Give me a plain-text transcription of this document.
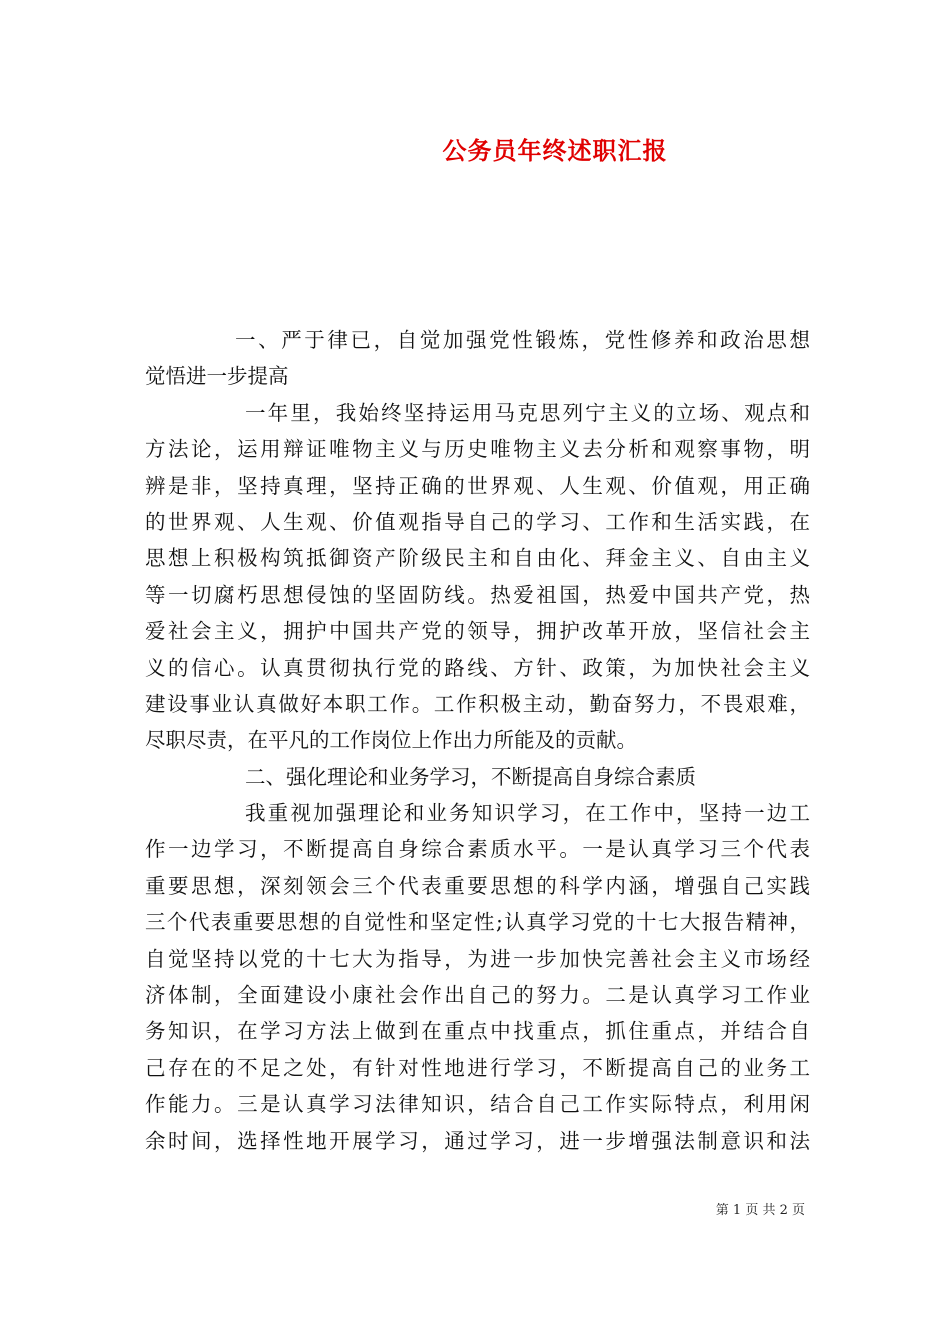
公务员年终述职汇报
一、严于律已，自觉加强党性锻炼，党性修养和政治思想
觉悟进一步提高
一年里，我始终坚持运用马克思列宁主义的立场、观点和
方法论，运用辩证唯物主义与历史唯物主义去分析和观察事物，明
辨是非，坚持真理，坚持正确的世界观、人生观、价值观，用正确
的世界观、人生观、价值观指导自己的学习、工作和生活实践，在
思想上积极构筑抵御资产阶级民主和自由化、拜金主义、自由主义
等一切腐朽思想侵蚀的坚固防线。热爱祖国，热爱中国共产党，热
爱社会主义，拥护中国共产党的领导，拥护改革开放，坚信社会主
义的信心。认真贯彻执行党的路线、方针、政策，为加快社会主义
建设事业认真做好本职工作。工作积极主动，勤奋努力，不畏艰难，
尽职尽责，在平凡的工作岗位上作出力所能及的贡献。
二、强化理论和业务学习，不断提高自身综合素质
我重视加强理论和业务知识学习，在工作中，坚持一边工
作一边学习，不断提高自身综合素质水平。一是认真学习三个代表
重要思想，深刻领会三个代表重要思想的科学内涵，增强自己实践
三个代表重要思想的自觉性和坚定性;认真学习党的十七大报告精神，
自觉坚持以党的十七大为指导，为进一步加快完善社会主义市场经
济体制，全面建设小康社会作出自己的努力。二是认真学习工作业
务知识，在学习方法上做到在重点中找重点，抓住重点，并结合自
己存在的不足之处，有针对性地进行学习，不断提高自己的业务工
作能力。三是认真学习法律知识，结合自己工作实际特点，利用闲
余时间，选择性地开展学习，通过学习，进一步增强法制意识和法
第 1 页 共 2 页
